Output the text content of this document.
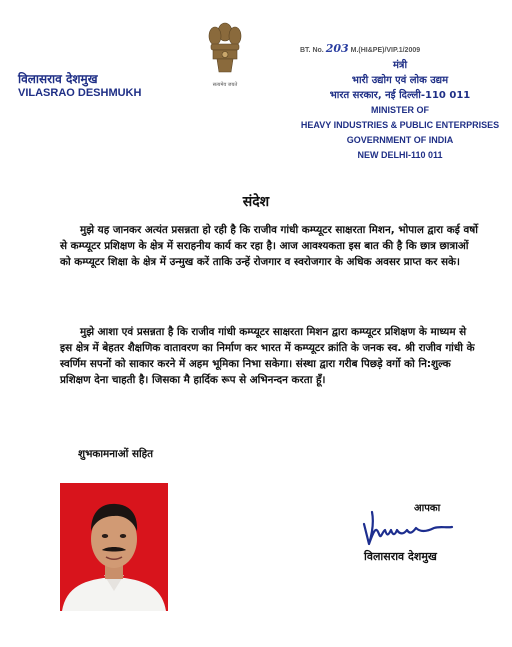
विलासराव देशमुख
VILASRAO DESHMUKH
सत्यमेव जयते
BT. No. 203 M.(HI&PE)/VIP.1/2009
मंत्री
भारी उद्योग एवं लोक उद्यम
भारत सरकार, नई दिल्ली-110 011
MINISTER OF
HEAVY INDUSTRIES & PUBLIC ENTERPRISES
GOVERNMENT OF INDIA
NEW DELHI-110 011
संदेश
मुझे यह जानकर अत्यंत प्रसन्नता हो रही है कि राजीव गांधी कम्प्यूटर साक्षरता मिशन, भोपाल द्वारा कई वर्षो से कम्प्यूटर प्रशिक्षण के क्षेत्र में सराहनीय कार्य कर रहा है। आज आवश्यकता इस बात की है कि छात्र छात्राओं को कम्प्यूटर शिक्षा के क्षेत्र में उन्मुख करें ताकि उन्हें रोजगार व स्वरोजगार के अधिक अवसर प्राप्त कर सके।
मुझे आशा एवं प्रसन्नता है कि राजीव गांधी कम्प्यूटर साक्षरता मिशन द्वारा कम्प्यूटर प्रशिक्षण के माध्यम से इस क्षेत्र में बेहतर शैक्षणिक वातावरण का निर्माण कर भारत में कम्प्यूटर क्रांति के जनक स्व. श्री राजीव गांधी के स्वर्णिम सपनों को साकार करने में अहम भूमिका निभा सकेगा। संस्था द्वारा गरीब पिछड़े वर्गो को नि:शुल्क प्रशिक्षण देना चाहती है। जिसका मै हार्दिक रूप से अभिनन्दन करता हूँ।
शुभकामनाओं सहित
आपका
विलासराव देशमुख
